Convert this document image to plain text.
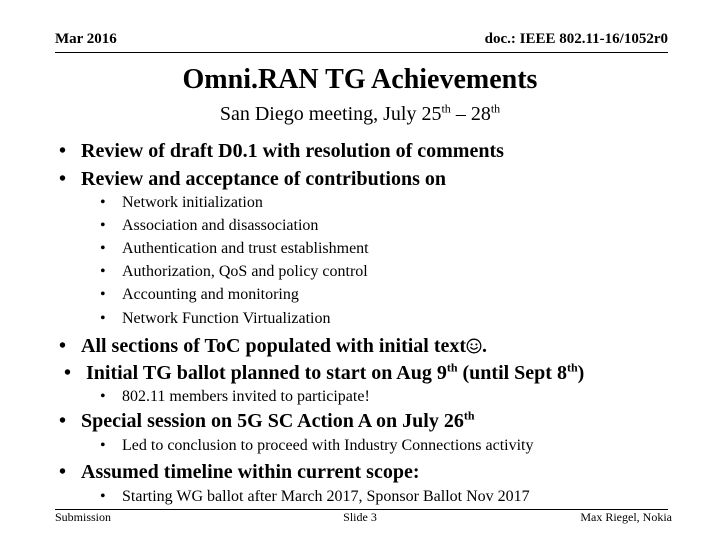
Mar 2016	doc.: IEEE 802.11-16/1052r0
Omni.RAN TG Achievements
San Diego meeting, July 25th – 28th
• Review of draft D0.1 with resolution of comments
• Review and acceptance of contributions on
• Network initialization
• Association and disassociation
• Authentication and trust establishment
• Authorization, QoS and policy control
• Accounting and monitoring
• Network Function Virtualization
• All sections of ToC populated with initial text .
• Initial TG ballot planned to start on Aug 9th (until Sept 8th)
• 802.11 members invited to participate!
• Special session on 5G SC Action A on July 26th
• Led to conclusion to proceed with Industry Connections activity
• Assumed timeline within current scope:
• Starting WG ballot after March 2017, Sponsor Ballot Nov 2017
Submission	Slide 3	Max Riegel, Nokia
